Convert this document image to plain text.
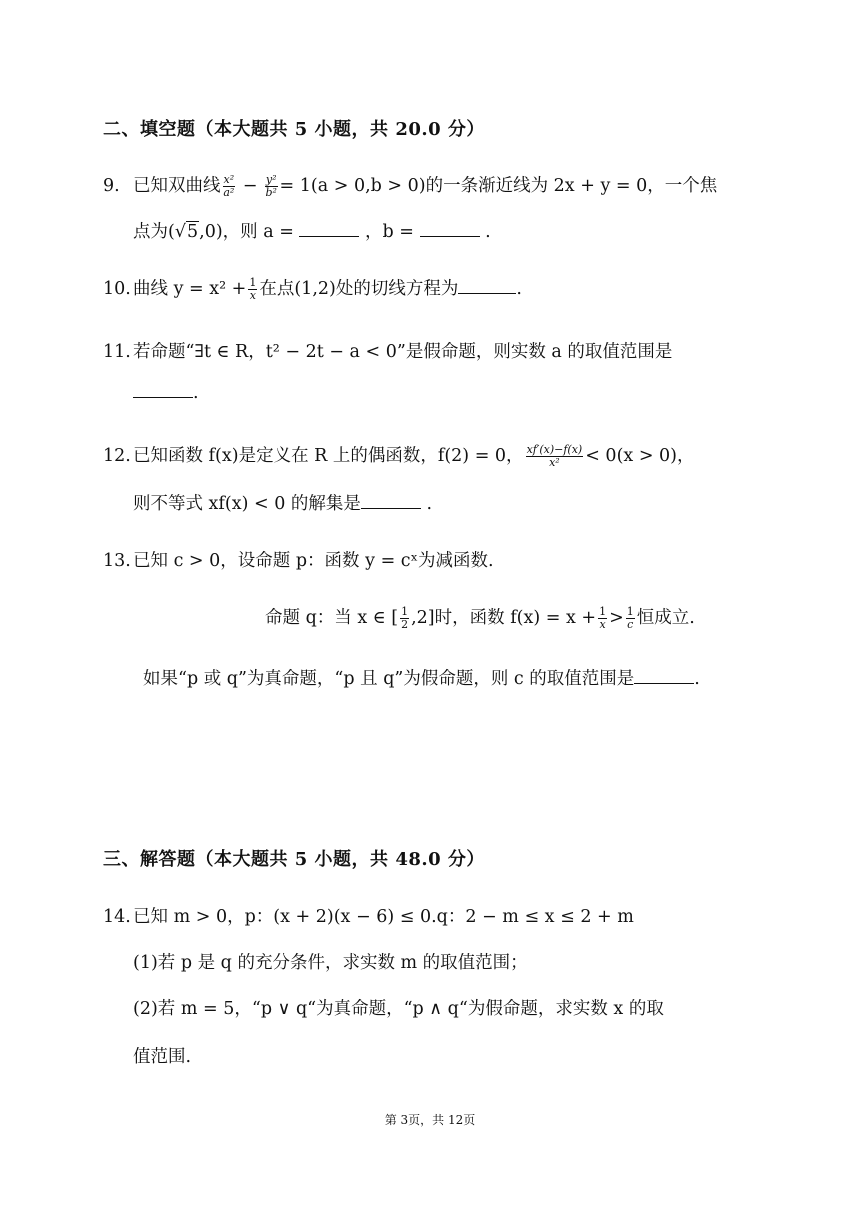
二、填空题（本大题共 5 小题，共 20.0 分）
9. 已知双曲线 $\frac{\text{x²}}{\text{a²}} - \frac{\text{y²}}{\text{b²}} = 1(a > 0,b > 0)$的一条渐近线为 2x + y = 0，一个焦
点为(√5,0)，则 a =	，b =	.
10. 曲线 $y = x^2 + \frac{1}{x}$ 在点(1,2)处的切线方程为	.
11. 若命题“∃t ∈ R，t² − 2t − a < 0”是假命题，则实数 a 的取值范围是
.
12. 已知函数 f(x)是定义在 R 上的偶函数，f(2) = 0， $\frac{xf'(x)-f(x)}{\text{x²}} < 0(x > 0)$，
则不等式 xf(x) < 0 的解集是	.
13. 已知 c > 0，设命题 p：函数 y = cˣ为减函数.
命题 q：当 x ∈ [ $\frac{1}{2} ,2$]时，函数 $f(x) = x + \frac{1}{x} > \frac{1}{c}$ 恒成立.
如果“p 或 q”为真命题，“p 且 q”为假命题，则 c 的取值范围是	.
三、解答题（本大题共 5 小题，共 48.0 分）
14. 已知 m > 0，p：(x + 2)(x − 6) ≤ 0.q：2 − m ≤ x ≤ 2 + m
(1)若 p 是 q 的充分条件，求实数 m 的取值范围；
(2)若 m = 5，“p ∨ q“为真命题，“p ∧ q“为假命题，求实数 x 的取
值范围.
第 3页，共 12页
